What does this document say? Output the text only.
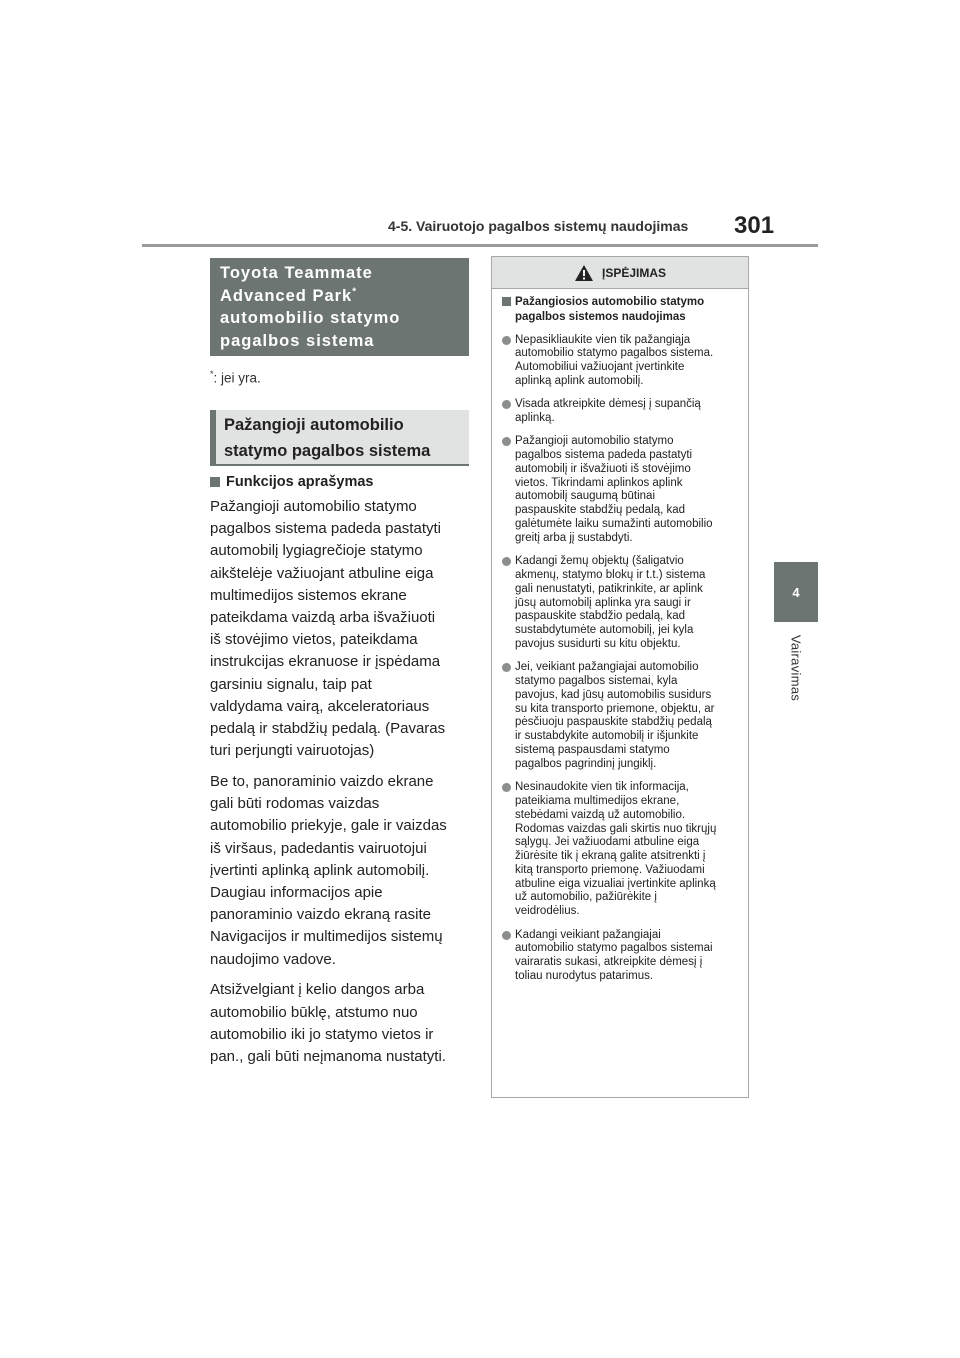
4-5. Vairuotojo pagalbos sistemų naudojimas 301
4
Vairavimas
Toyota Teammate
Advanced Park*
automobilio statymo
pagalbos sistema
*: jei yra.
Pažangioji automobilio
statymo pagalbos sistema
Funkcijos aprašymas

Pažangioji automobilio statymo
pagalbos sistema padeda pastatyti
automobilį lygiagrečioje statymo
aikštelėje važiuojant atbuline eiga
multimedijos sistemos ekrane
pateikdama vaizdą arba išvažiuoti
iš stovėjimo vietos, pateikdama
instrukcijas ekranuose ir įspėdama
garsiniu signalu, taip pat
valdydama vairą, akceleratoriaus
pedalą ir stabdžių pedalą. (Pavaras
turi perjungti vairuotojas)

Be to, panoraminio vaizdo ekrane
gali būti rodomas vaizdas
automobilio priekyje, gale ir vaizdas
iš viršaus, padedantis vairuotojui
įvertinti aplinką aplink automobilį.
Daugiau informacijos apie
panoraminio vaizdo ekraną rasite
Navigacijos ir multimedijos sistemų
naudojimo vadove.

Atsižvelgiant į kelio dangos arba
automobilio būklę, atstumo nuo
automobilio iki jo statymo vietos ir
pan., gali būti neįmanoma nustatyti.

ĮSPĖJIMAS
Pažangiosios automobilio statymo
pagalbos sistemos naudojimas
Nepasikliaukite vien tik pažangiąja
automobilio statymo pagalbos sistema.
Automobiliui važiuojant įvertinkite
aplinką aplink automobilį.
Visada atkreipkite dėmesį į supančią
aplinką.
Pažangioji automobilio statymo
pagalbos sistema padeda pastatyti
automobilį ir išvažiuoti iš stovėjimo
vietos. Tikrindami aplinkos aplink
automobilį saugumą būtinai
paspauskite stabdžių pedalą, kad
galėtumėte laiku sumažinti automobilio
greitį arba jį sustabdyti.
Kadangi žemų objektų (šaligatvio
akmenų, statymo blokų ir t.t.) sistema
gali nenustatyti, patikrinkite, ar aplink
jūsų automobilį aplinka yra saugi ir
paspauskite stabdžio pedalą, kad
sustabdytumėte automobilį, jei kyla
pavojus susidurti su kitu objektu.
Jei, veikiant pažangiajai automobilio
statymo pagalbos sistemai, kyla
pavojus, kad jūsų automobilis susidurs
su kita transporto priemone, objektu, ar
pėsčiuoju paspauskite stabdžių pedalą
ir sustabdykite automobilį ir išjunkite
sistemą paspausdami statymo
pagalbos pagrindinį jungiklį.
Nesinaudokite vien tik informacija,
pateikiama multimedijos ekrane,
stebėdami vaizdą už automobilio.
Rodomas vaizdas gali skirtis nuo tikrųjų
sąlygų. Jei važiuodami atbuline eiga
žiūrėsite tik į ekraną galite atsitrenkti į
kitą transporto priemonę. Važiuodami
atbuline eiga vizualiai įvertinkite aplinką
už automobilio, pažiūrėkite į
veidrodėlius.
Kadangi veikiant pažangiajai
automobilio statymo pagalbos sistemai
vairaratis sukasi, atkreipkite dėmesį į
toliau nurodytus patarimus.
